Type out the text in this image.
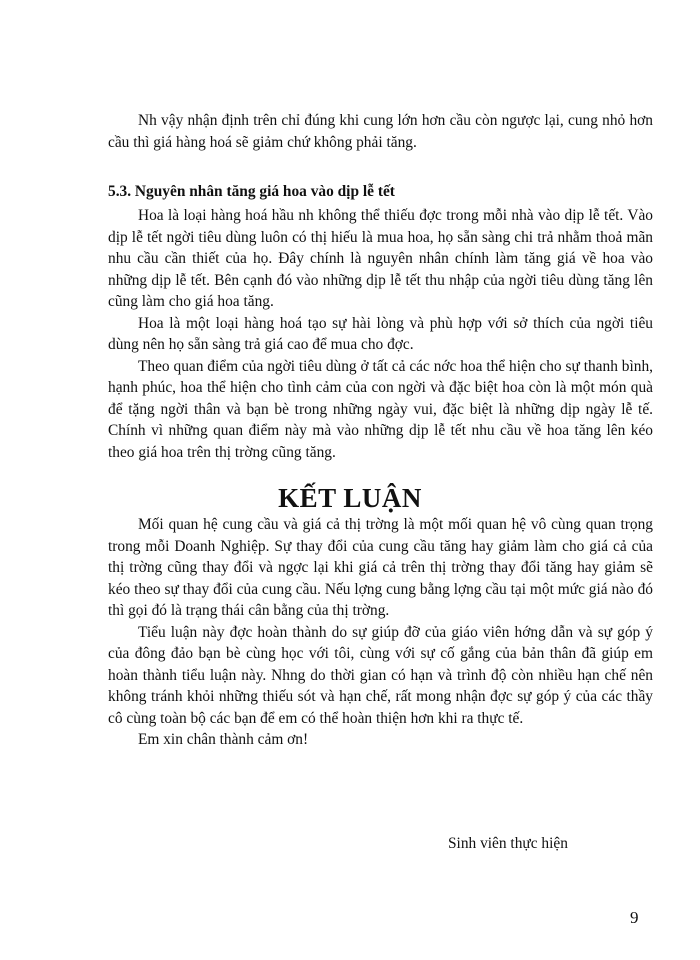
Nh vậy nhận định trên chỉ đúng khi cung lớn hơn cầu còn ngược lại, cung nhỏ hơn cầu thì giá hàng hoá sẽ giảm chứ không phải tăng.

5.3. Nguyên nhân tăng giá hoa vào dịp lễ tết

Hoa là loại hàng hoá hầu nh không thể thiếu đợc trong mỗi nhà vào dịp lễ tết. Vào dịp lễ tết ngời tiêu dùng luôn có thị hiếu là mua hoa, họ sẵn sàng chi trả nhằm thoả mãn nhu cầu cần thiết của họ. Đây chính là nguyên nhân chính làm tăng giá về hoa vào những dịp lễ tết. Bên cạnh đó vào những dịp lễ tết thu nhập của ngời tiêu dùng tăng lên cũng làm cho giá hoa tăng.

Hoa là một loại hàng hoá tạo sự hài lòng và phù hợp với sở thích của ngời tiêu dùng nên họ sẵn sàng trả giá cao để mua cho đợc.

Theo quan điểm của ngời tiêu dùng ở tất cả các nớc hoa thể hiện cho sự thanh bình, hạnh phúc, hoa thể hiện cho tình cảm của con ngời và đặc biệt hoa còn là một món quà để tặng ngời thân và bạn bè trong những ngày vui, đặc biệt là những dịp ngày lễ tế. Chính vì những quan điểm này mà vào những dịp lễ tết nhu cầu về hoa tăng lên kéo theo giá hoa trên thị trờng cũng tăng.

KẾT LUẬN

Mối quan hệ cung cầu và giá cả thị trờng là một mối quan hệ vô cùng quan trọng trong mỗi Doanh Nghiệp. Sự thay đổi của cung cầu tăng hay giảm làm cho giá cả của thị trờng cũng thay đổi và ngợc lại khi giá cả trên thị trờng thay đổi tăng hay giảm sẽ kéo theo sự thay đổi của cung cầu. Nếu lợng cung bằng lợng cầu tại một mức giá nào đó thì gọi đó là trạng thái cân bằng của thị trờng.

Tiểu luận này đợc hoàn thành do sự giúp đỡ của giáo viên hớng dẫn và sự góp ý của đông đảo bạn bè cùng học với tôi, cùng với sự cố gắng của bản thân đã giúp em hoàn thành tiểu luận này. Nhng do thời gian có hạn và trình độ còn nhiều hạn chế nên không tránh khỏi những thiếu sót và hạn chế, rất mong nhận đợc sự góp ý của các thầy cô cùng toàn bộ các bạn để em có thể hoàn thiện hơn khi ra thực tế.

Em xin chân thành cảm ơn!

Sinh viên thực hiện

9
